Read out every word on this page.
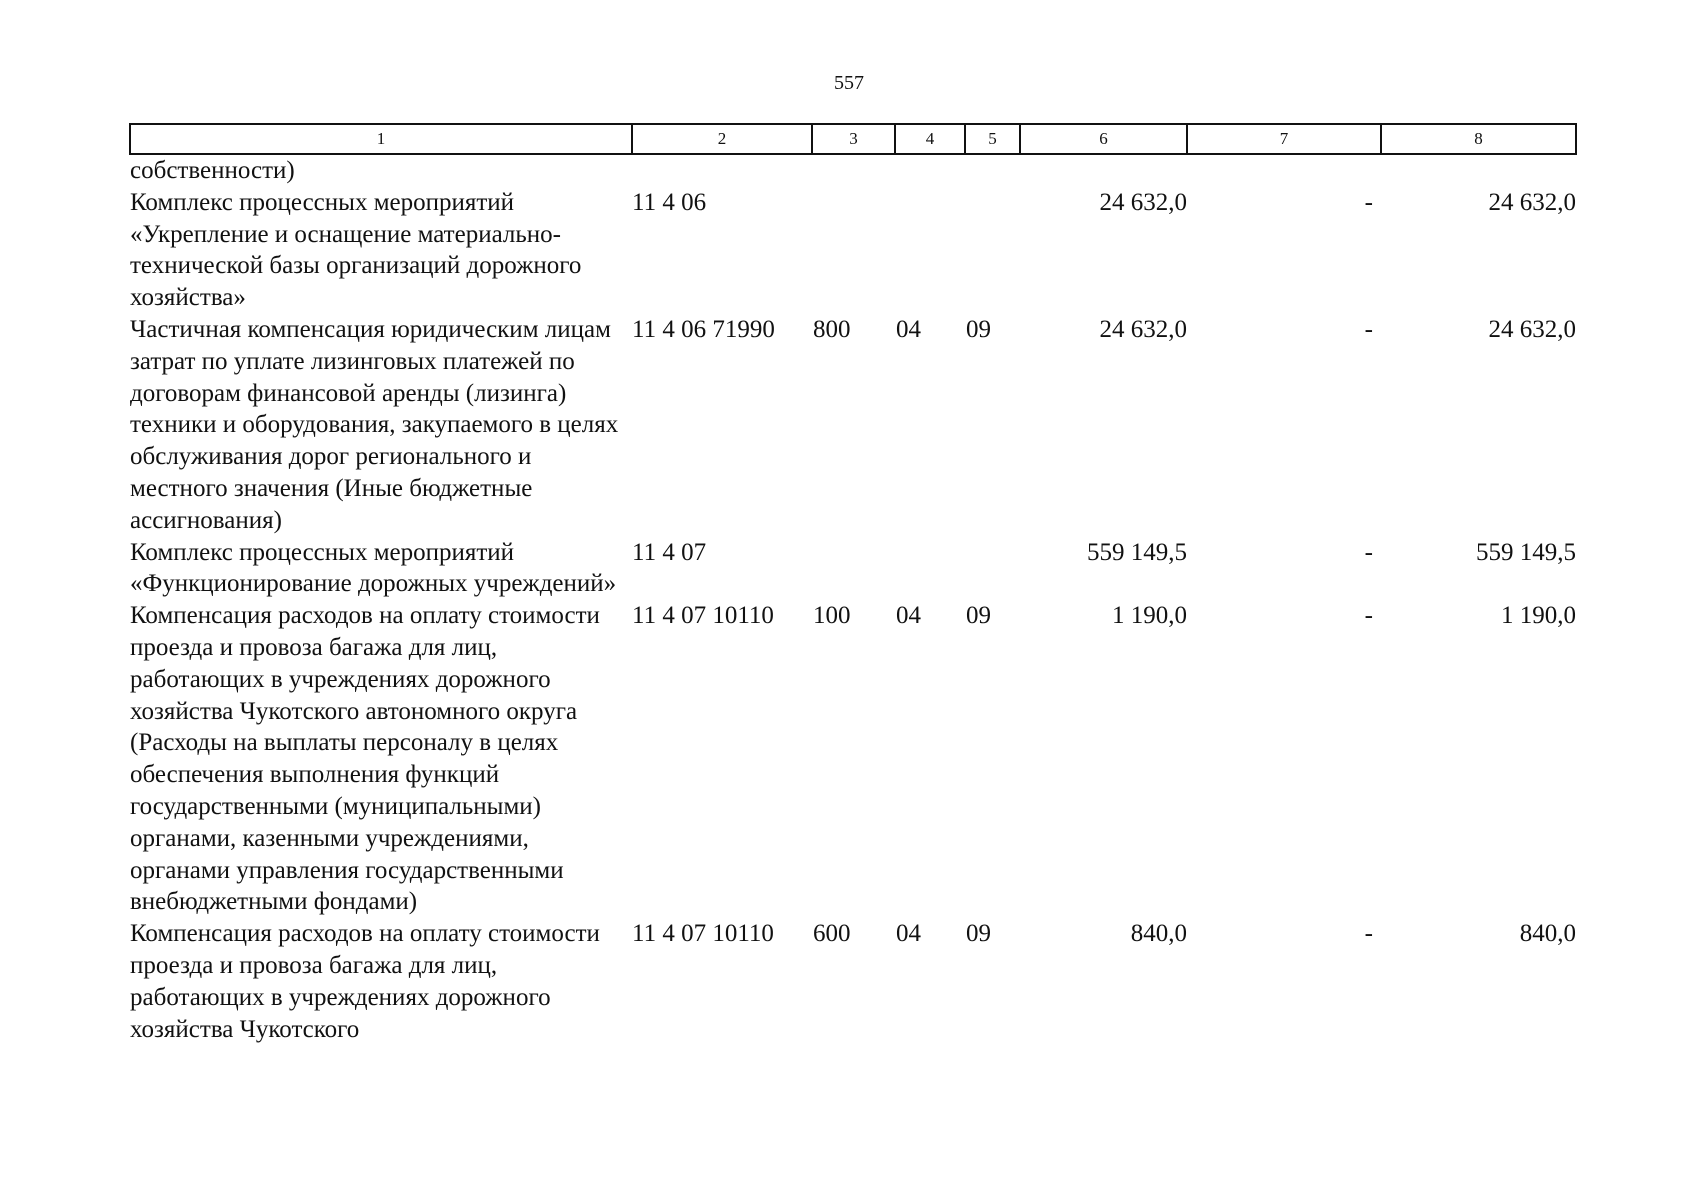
557
1	2	3	4	5	6	7	8
собственности)							
Комплекс процессных мероприятий «Укрепление и оснащение материально-технической базы организаций дорожного хозяйства»	11 4 06				24 632,0	-	24 632,0
Частичная компенсация юридическим лицам затрат по уплате лизинговых платежей по договорам финансовой аренды (лизинга) техники и оборудования, закупаемого в целях обслуживания дорог регионального и местного значения (Иные бюджетные ассигнования)	11 4 06 71990	800	04	09	24 632,0	-	24 632,0
Комплекс процессных мероприятий «Функционирование дорожных учреждений»	11 4 07				559 149,5	-	559 149,5
Компенсация расходов на оплату стоимости проезда и провоза багажа для лиц, работающих в учреждениях дорожного хозяйства Чукотского автономного округа (Расходы на выплаты персоналу в целях обеспечения выполнения функций государственными (муниципальными) органами, казенными учреждениями, органами управления государственными внебюджетными фондами)	11 4 07 10110	100	04	09	1 190,0	-	1 190,0
Компенсация расходов на оплату стоимости проезда и провоза багажа для лиц, работающих в учреждениях дорожного хозяйства Чукотского	11 4 07 10110	600	04	09	840,0	-	840,0
